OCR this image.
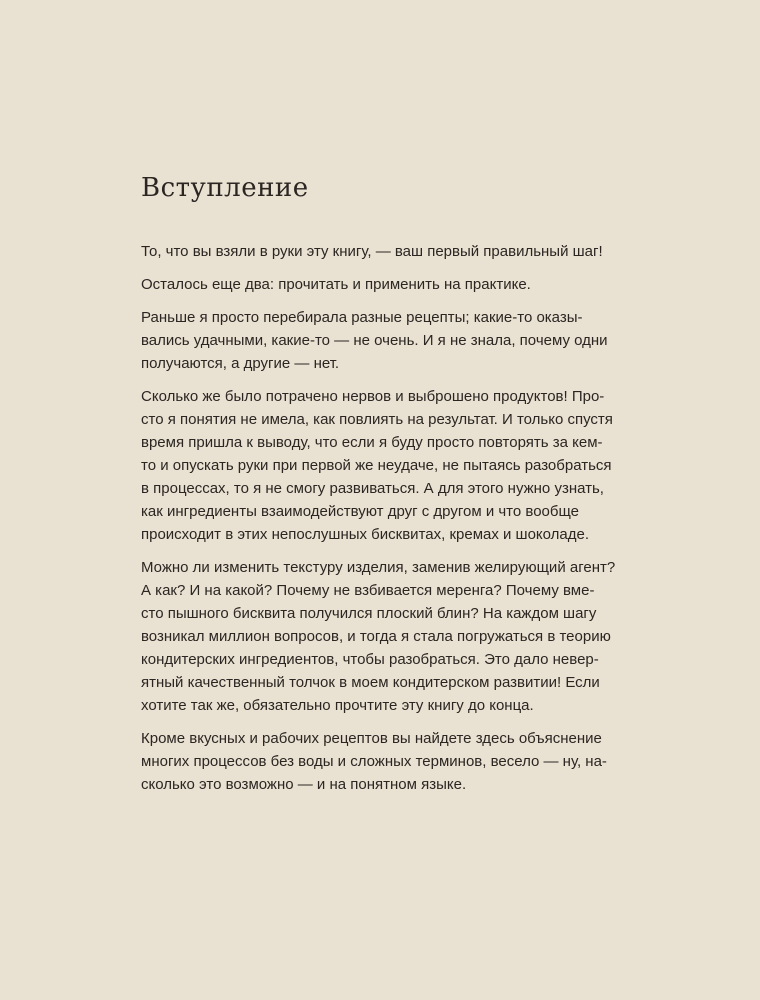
Вступление

То, что вы взяли в руки эту книгу, — ваш первый правильный шаг!

Осталось еще два: прочитать и применить на практике.

Раньше я просто перебирала разные рецепты; какие-то оказы-
вались удачными, какие-то — не очень. И я не знала, почему одни
получаются, а другие — нет.

Сколько же было потрачено нервов и выброшено продуктов! Про-
сто я понятия не имела, как повлиять на результат. И только спустя
время пришла к выводу, что если я буду просто повторять за кем-
то и опускать руки при первой же неудаче, не пытаясь разобраться
в процессах, то я не смогу развиваться. А для этого нужно узнать,
как ингредиенты взаимодействуют друг с другом и что вообще
происходит в этих непослушных бисквитах, кремах и шоколаде.

Можно ли изменить текстуру изделия, заменив желирующий агент?
А как? И на какой? Почему не взбивается меренга? Почему вме-
сто пышного бисквита получился плоский блин? На каждом шагу
возникал миллион вопросов, и тогда я стала погружаться в теорию
кондитерских ингредиентов, чтобы разобраться. Это дало невер-
ятный качественный толчок в моем кондитерском развитии! Если
хотите так же, обязательно прочтите эту книгу до конца.

Кроме вкусных и рабочих рецептов вы найдете здесь объяснение
многих процессов без воды и сложных терминов, весело — ну, на-
сколько это возможно — и на понятном языке.
